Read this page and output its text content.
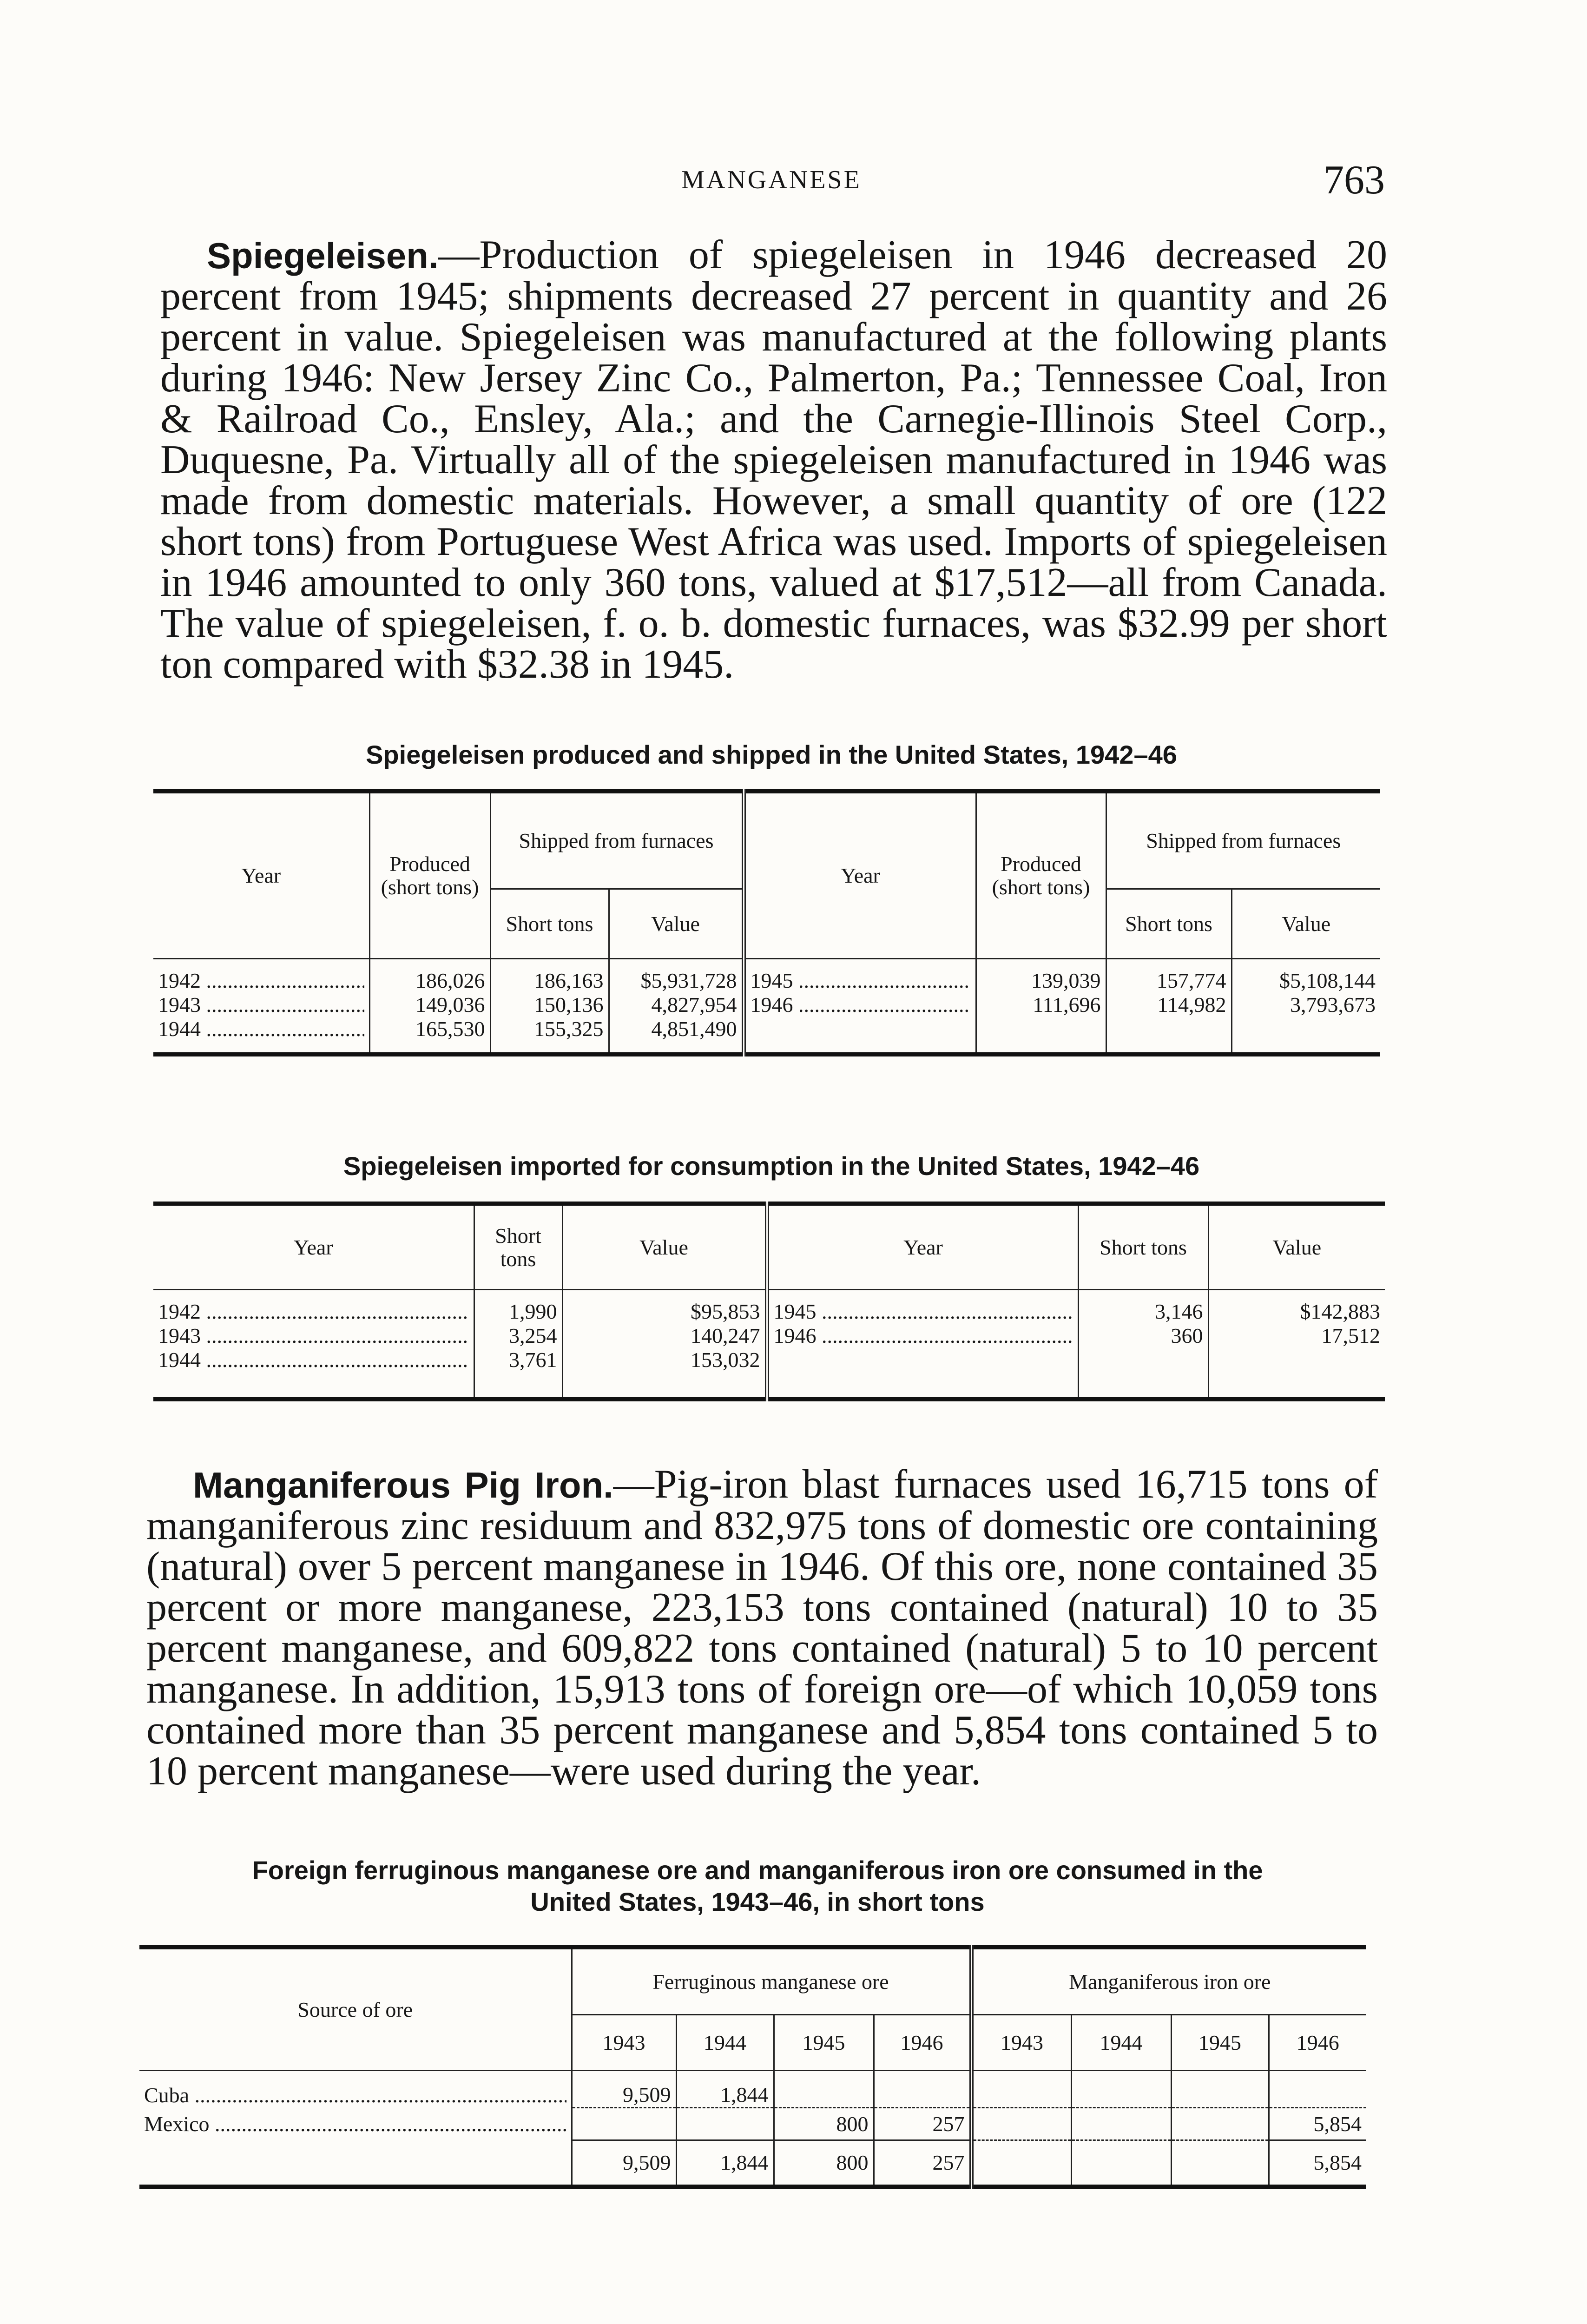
MANGANESE	763

Spiegeleisen.—Production of spiegeleisen in 1946 decreased 20 percent from 1945; shipments decreased 27 percent in quantity and 26 percent in value. Spiegeleisen was manufactured at the following plants during 1946: New Jersey Zinc Co., Palmerton, Pa.; Tennessee Coal, Iron & Railroad Co., Ensley, Ala.; and the Carnegie-Illinois Steel Corp., Duquesne, Pa. Virtually all of the spiegeleisen manufactured in 1946 was made from domestic materials. However, a small quantity of ore (122 short tons) from Portuguese West Africa was used. Imports of spiegeleisen in 1946 amounted to only 360 tons, valued at $17,512—all from Canada. The value of spiegeleisen, f. o. b. domestic furnaces, was $32.99 per short ton compared with $32.38 in 1945.

Spiegeleisen produced and shipped in the United States, 1942–46
Year	Produced (short tons)	Shipped from furnaces		Year	Produced (short tons)	Shipped from furnaces	
		Short tons	Value			Short tons	Value

1942 .....	186,026	186,163	$5,931,728	1945 .....	139,039	157,774	$5,108,144

1943 .....	149,036	150,136	4,827,954	1946 .....	111,696	114,982	3,793,673

1944 .....	165,530	155,325	4,851,490				
Spiegeleisen imported for consumption in the United States, 1942–46
Year	Short tons	Value	Year	Short tons	Value

1942 .....	1,990	$95,853	1945 .....	3,146	$142,883

1943 .....	3,254	140,247	1946 .....	360	17,512

1944 .....	3,761	153,032			

Manganiferous Pig Iron.—Pig-iron blast furnaces used 16,715 tons of manganiferous zinc residuum and 832,975 tons of domestic ore containing (natural) over 5 percent manganese in 1946. Of this ore, none contained 35 percent or more manganese, 223,153 tons contained (natural) 10 to 35 percent manganese, and 609,822 tons contained (natural) 5 to 10 percent manganese. In addition, 15,913 tons of foreign ore—of which 10,059 tons contained more than 35 percent manganese and 5,854 tons contained 5 to 10 percent manganese—were used during the year.

Foreign ferruginous manganese ore and manganiferous iron ore consumed in the
United States, 1943–46, in short tons
Source of ore	Ferruginous manganese ore				Manganiferous iron ore			
	1943	1944	1945	1946	1943	1944	1945	1946

Cuba .....	9,509	1,844						

Mexico .....			800	257				5,854
	9,509	1,844	800	257				5,854
